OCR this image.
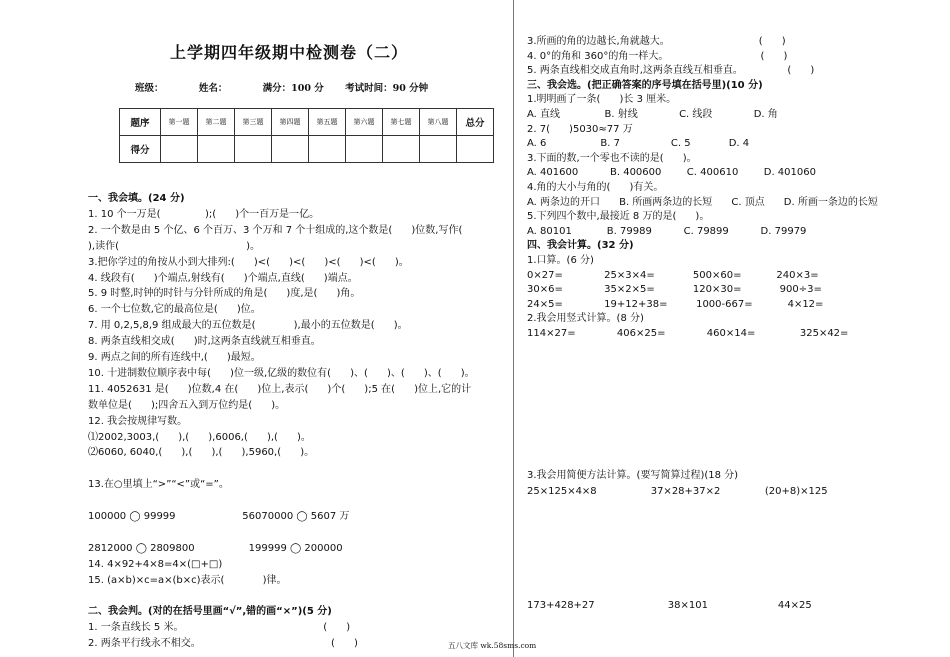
上学期四年级期中检测卷（二）
班级：	姓名：	满分：100 分 考试时间：90 分钟
题序	第一题	第二题	第三题	第四题	第五题	第六题	第七题	第八题	总分
得分									
一、我会填。(24 分)
1. 10 个一万是(              );(      )个一百万是一亿。
2. 一个数是由 5 个亿、6 个百万、3 个万和 7 个十组成的,这个数是(      )位数,写作(
),读作(                                        )。
3.把你学过的角按从小到大排列:(      )<(      )<(      )<(      )<(      )。
4. 线段有(      )个端点,射线有(      )个端点,直线(      )端点。
5. 9 时整,时钟的时针与分针所成的角是(      )度,是(      )角。
6. 一个七位数,它的最高位是(      )位。
7. 用 0,2,5,8,9 组成最大的五位数是(            ),最小的五位数是(      )。
8. 两条直线相交成(      )时,这两条直线就互相垂直。
9. 两点之间的所有连线中,(      )最短。
10. 十进制数位顺序表中每(      )位一级,亿级的数位有(      )、(      )、(      )、(      )。
11. 4052631 是(      )位数,4 在(      )位上,表示(      )个(      );5 在(      )位上,它的计
数单位是(      );四舍五入到万位约是(      )。
12. 我会按规律写数。
⑴2002,3003,(      ),(      ),6006,(      ),(      )。
⑵6060, 6040,(      ),(      ),(      ),5960,(      )。
13.在○里填上“>”“<”或“=”。
100000 ◯ 99999                     56070000 ◯ 5607 万
2812000 ◯ 2809800                 199999 ◯ 200000
14. 4×92+4×8=4×(□+□)
15. (a×b)×c=a×(b×c)表示(            )律。
二、我会判。(对的在括号里画“√”,错的画“×”)(5 分)
1. 一条直线长 5 米。                                            (      )
2. 两条平行线永不相交。                                         (      )
3.所画的角的边越长,角就越大。                            (      )
4. 0°的角和 360°的角一样大。                             (      )
5. 两条直线相交成直角时,这两条直线互相垂直。              (      )
三、我会选。(把正确答案的序号填在括号里)(10 分)
1.明明画了一条(      )长 3 厘米。
A. 直线              B. 射线             C. 线段             D. 角
2. 7(      )5030≈77 万
A. 6                 B. 7                C. 5            D. 4
3.下面的数,一个零也不读的是(      )。
A. 401600          B. 400600        C. 400610        D. 401060
4.角的大小与角的(      )有关。
A. 两条边的开口      B. 所画两条边的长短      C. 顶点      D. 所画一条边的长短
5.下列四个数中,最接近 8 万的是(      )。
A. 80101           B. 79989          C. 79899          D. 79979
四、我会计算。(32 分)
1.口算。(6 分)
0×27=             25×3×4=            500×60=           240×3=
30×6=             35×2×5=            120×30=            900÷3=
24×5=             19+12+38=         1000-667=           4×12=
2.我会用竖式计算。(8 分)
114×27=             406×25=             460×14=              325×42=
3.我会用简便方法计算。(要写简算过程)(18 分)
25×125×4×8                 37×28+37×2              (20+8)×125
173+428+27                       38×101                      44×25
五八文库 wk.58sms.com
